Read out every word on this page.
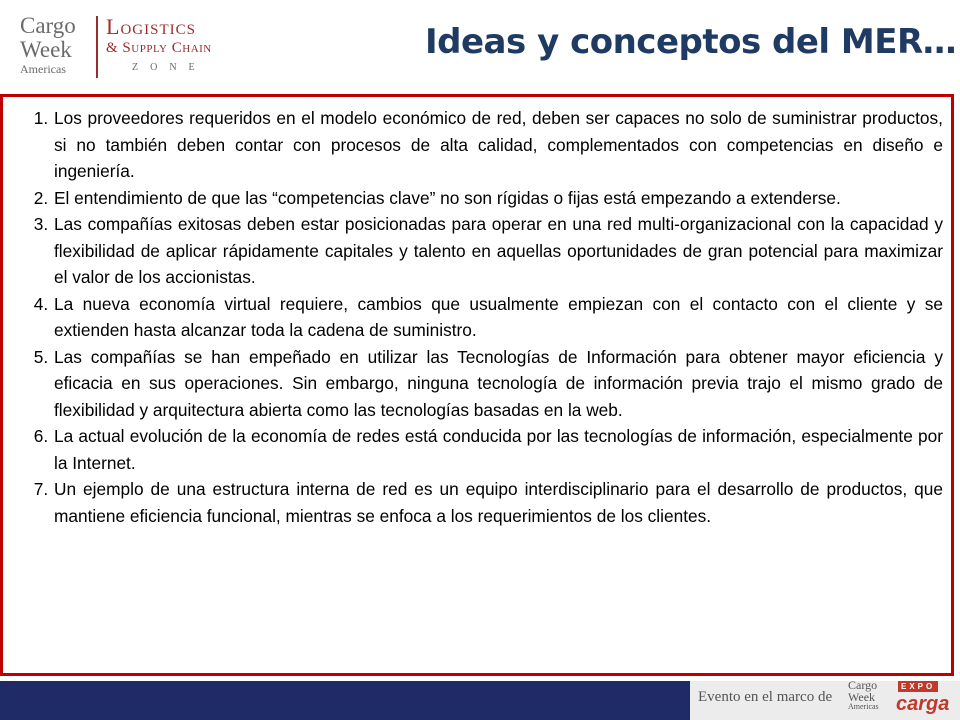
Cargo
Week
Americas
Logistics
& Supply Chain
ZONE
Ideas y conceptos del MER…
1. Los proveedores requeridos en el modelo económico de red, deben ser capaces no solo de suministrar productos, si no también deben contar con procesos de alta calidad, complementados con competencias en diseño e ingeniería.
2. El entendimiento de que las “competencias clave” no son rígidas o fijas está empezando a extenderse.
3. Las compañías exitosas deben estar posicionadas para operar en una red multi-organizacional con la capacidad y flexibilidad de aplicar rápidamente capitales y talento en aquellas oportunidades de gran potencial para maximizar el valor de los accionistas.
4. La nueva economía virtual requiere, cambios que usualmente empiezan con el contacto con el cliente y se extienden hasta alcanzar toda la cadena de suministro.
5. Las compañías se han empeñado en utilizar las Tecnologías de Información para obtener mayor eficiencia y eficacia en sus operaciones. Sin embargo, ninguna tecnología de información previa trajo el mismo grado de flexibilidad y arquitectura abierta como las tecnologías basadas en la web.
6. La actual evolución de la economía de redes está conducida por las tecnologías de información, especialmente por la Internet.
7. Un ejemplo de una estructura interna de red es un equipo interdisciplinario para el desarrollo de productos, que mantiene eficiencia funcional, mientras se enfoca a los requerimientos de los clientes.
Evento en el marco de
Cargo
Week
Americas
EXPO
carga
